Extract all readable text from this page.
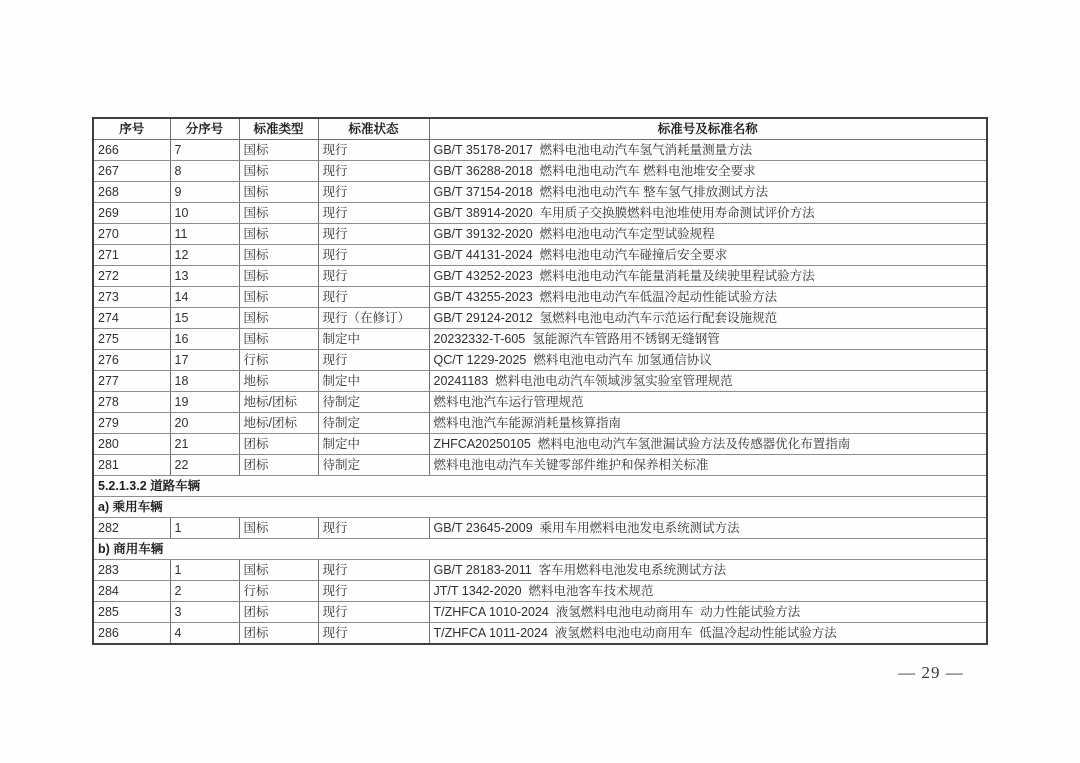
序号	分序号	标准类型	标准状态	标准号及标准名称
266	7	国标	现行	GB/T 35178-2017  燃料电池电动汽车氢气消耗量测量方法
267	8	国标	现行	GB/T 36288-2018  燃料电池电动汽车 燃料电池堆安全要求
268	9	国标	现行	GB/T 37154-2018  燃料电池电动汽车 整车氢气排放测试方法
269	10	国标	现行	GB/T 38914-2020  车用质子交换膜燃料电池堆使用寿命测试评价方法
270	11	国标	现行	GB/T 39132-2020  燃料电池电动汽车定型试验规程
271	12	国标	现行	GB/T 44131-2024  燃料电池电动汽车碰撞后安全要求
272	13	国标	现行	GB/T 43252-2023  燃料电池电动汽车能量消耗量及续驶里程试验方法
273	14	国标	现行	GB/T 43255-2023  燃料电池电动汽车低温冷起动性能试验方法
274	15	国标	现行（在修订）	GB/T 29124-2012  氢燃料电池电动汽车示范运行配套设施规范
275	16	国标	制定中	20232332-T-605  氢能源汽车管路用不锈钢无缝钢管
276	17	行标	现行	QC/T 1229-2025  燃料电池电动汽车 加氢通信协议
277	18	地标	制定中	20241183  燃料电池电动汽车领域涉氢实验室管理规范
278	19	地标/团标	待制定	燃料电池汽车运行管理规范
279	20	地标/团标	待制定	燃料电池汽车能源消耗量核算指南
280	21	团标	制定中	ZHFCA20250105  燃料电池电动汽车氢泄漏试验方法及传感器优化布置指南
281	22	团标	待制定	燃料电池电动汽车关键零部件维护和保养相关标准
5.2.1.3.2 道路车辆				
a) 乘用车辆				
282	1	国标	现行	GB/T 23645-2009  乘用车用燃料电池发电系统测试方法
b) 商用车辆				
283	1	国标	现行	GB/T 28183-2011  客车用燃料电池发电系统测试方法
284	2	行标	现行	JT/T 1342-2020  燃料电池客车技术规范
285	3	团标	现行	T/ZHFCA 1010-2024  液氢燃料电池电动商用车  动力性能试验方法
286	4	团标	现行	T/ZHFCA 1011-2024  液氢燃料电池电动商用车  低温冷起动性能试验方法
— 29 —
